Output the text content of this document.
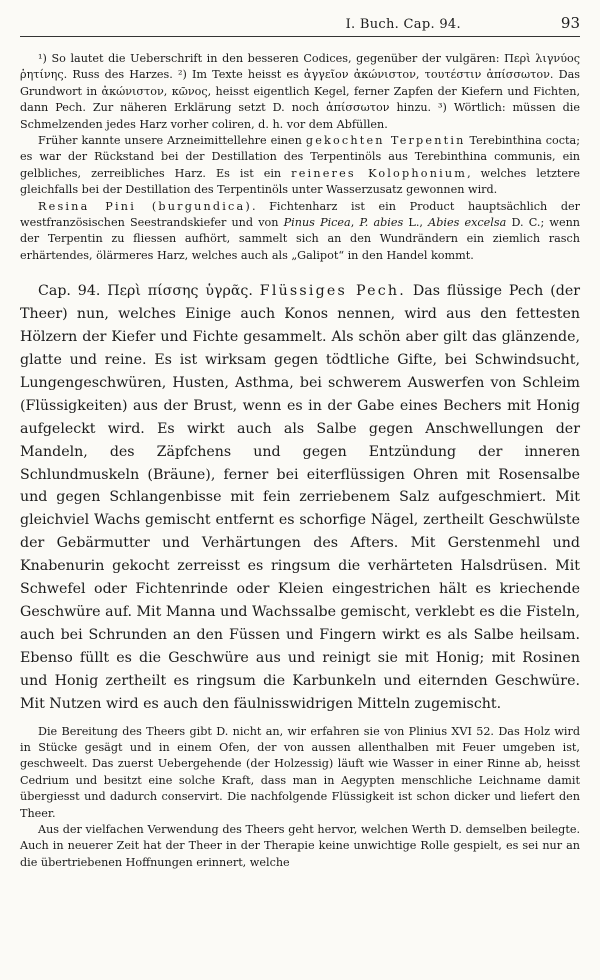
I. Buch. Cap. 94.	93

¹) So lautet die Ueberschrift in den besseren Codices, gegenüber der vulgären: Περὶ λιγνύος ῥητίνης. Russ des Harzes. ²) Im Texte heisst es ἀγγεῖον ἀκώνιστον, τουτέστιν ἀπίσσωτον. Das Grundwort in ἀκώνιστον, κῶνος, heisst eigentlich Kegel, ferner Zapfen der Kiefern und Fichten, dann Pech. Zur näheren Erklärung setzt D. noch ἀπίσσωτον hinzu. ³) Wörtlich: müssen die Schmelzenden jedes Harz vorher coliren, d. h. vor dem Abfüllen.

Früher kannte unsere Arzneimittellehre einen gekochten Terpentin Terebinthina cocta; es war der Rückstand bei der Destillation des Terpentinöls aus Terebinthina communis, ein gelbliches, zerreibliches Harz. Es ist ein reineres Kolophonium, welches letztere gleichfalls bei der Destillation des Terpentinöls unter Wasserzusatz gewonnen wird.

Resina Pini (burgundica). Fichtenharz ist ein Product hauptsächlich der westfranzösischen Seestrandskiefer und von Pinus Picea, P. abies L., Abies excelsa D. C.; wenn der Terpentin zu fliessen aufhört, sammelt sich an den Wundrändern ein ziemlich rasch erhärtendes, ölärmeres Harz, welches auch als „Galipot“ in den Handel kommt.

Cap. 94. Περὶ πίσσης ὑγρᾶς. Flüssiges Pech. Das flüssige Pech (der Theer) nun, welches Einige auch Konos nennen, wird aus den fettesten Hölzern der Kiefer und Fichte gesammelt. Als schön aber gilt das glänzende, glatte und reine. Es ist wirksam gegen tödtliche Gifte, bei Schwindsucht, Lungengeschwüren, Husten, Asthma, bei schwerem Auswerfen von Schleim (Flüssigkeiten) aus der Brust, wenn es in der Gabe eines Bechers mit Honig aufgeleckt wird. Es wirkt auch als Salbe gegen Anschwellungen der Mandeln, des Zäpfchens und gegen Entzündung der inneren Schlundmuskeln (Bräune), ferner bei eiterflüssigen Ohren mit Rosensalbe und gegen Schlangenbisse mit fein zerriebenem Salz aufgeschmiert. Mit gleichviel Wachs gemischt entfernt es schorfige Nägel, zertheilt Geschwülste der Gebärmutter und Verhärtungen des Afters. Mit Gerstenmehl und Knabenurin gekocht zerreisst es ringsum die verhärteten Halsdrüsen. Mit Schwefel oder Fichtenrinde oder Kleien eingestrichen hält es kriechende Geschwüre auf. Mit Manna und Wachssalbe gemischt, verklebt es die Fisteln, auch bei Schrunden an den Füssen und Fingern wirkt es als Salbe heilsam. Ebenso füllt es die Geschwüre aus und reinigt sie mit Honig; mit Rosinen und Honig zertheilt es ringsum die Karbunkeln und eiternden Geschwüre. Mit Nutzen wird es auch den fäulnisswidrigen Mitteln zugemischt.

Die Bereitung des Theers gibt D. nicht an, wir erfahren sie von Plinius XVI 52. Das Holz wird in Stücke gesägt und in einem Ofen, der von aussen allenthalben mit Feuer umgeben ist, geschweelt. Das zuerst Uebergehende (der Holzessig) läuft wie Wasser in einer Rinne ab, heisst Cedrium und besitzt eine solche Kraft, dass man in Aegypten menschliche Leichname damit übergiesst und dadurch conservirt. Die nachfolgende Flüssigkeit ist schon dicker und liefert den Theer.

Aus der vielfachen Verwendung des Theers geht hervor, welchen Werth D. demselben beilegte. Auch in neuerer Zeit hat der Theer in der Therapie keine unwichtige Rolle gespielt, es sei nur an die übertriebenen Hoffnungen erinnert, welche
